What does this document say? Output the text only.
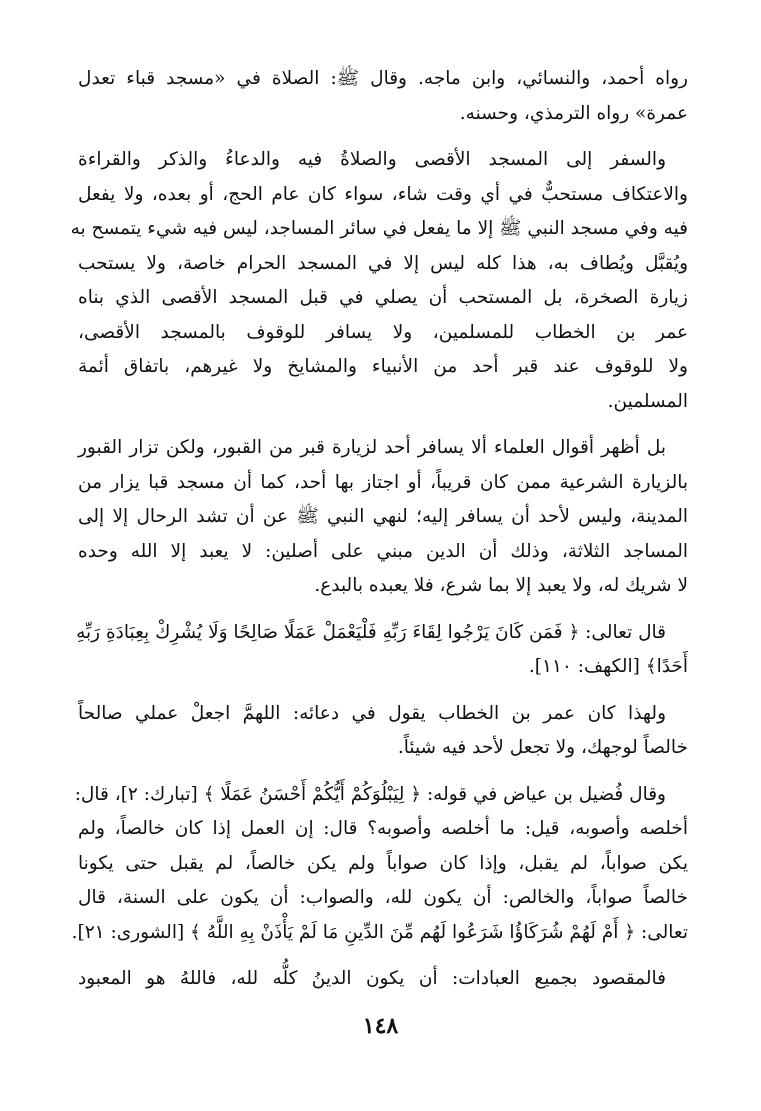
رواه أحمد، والنسائي، وابن ماجه. وقال ﷺ: الصلاة في «مسجد قباء تعدل
عمرة» رواه الترمذي، وحسنه.
والسفر إلى المسجد الأقصى والصلاةُ فيه والدعاءُ والذكر والقراءة
والاعتكاف مستحبٌّ في أي وقت شاء، سواء كان عام الحج، أو بعده، ولا يفعل
فيه وفي مسجد النبي ﷺ إلا ما يفعل في سائر المساجد، ليس فيه شيء يتمسح به
ويُقبَّل ويُطاف به، هذا كله ليس إلا في المسجد الحرام خاصة، ولا يستحب
زيارة الصخرة، بل المستحب أن يصلي في قبل المسجد الأقصى الذي بناه
عمر بن الخطاب للمسلمين، ولا يسافر للوقوف بالمسجد الأقصى،
ولا للوقوف عند قبر أحد من الأنبياء والمشايخ ولا غيرهم، باتفاق أئمة
المسلمين.
بل أظهر أقوال العلماء ألا يسافر أحد لزيارة قبر من القبور، ولكن تزار القبور
بالزيارة الشرعية ممن كان قريباً، أو اجتاز بها أحد، كما أن مسجد قبا يزار من
المدينة، وليس لأحد أن يسافر إليه؛ لنهي النبي ﷺ عن أن تشد الرحال إلا إلى
المساجد الثلاثة، وذلك أن الدين مبني على أصلين: لا يعبد إلا الله وحده
لا شريك له، ولا يعبد إلا بما شرع، فلا يعبده بالبدع.
قال تعالى: ﴿ فَمَن كَانَ يَرْجُوا لِقَاءَ رَبِّهِ فَلْيَعْمَلْ عَمَلًا صَالِحًا وَلَا يُشْرِكْ بِعِبَادَةِ رَبِّهِ
أَحَدًا﴾ [الكهف: ١١٠].
ولهذا كان عمر بن الخطاب يقول في دعائه: اللهمَّ اجعلْ عملي صالحاً
خالصاً لوجهك، ولا تجعل لأحد فيه شيئاً.
وقال فُضيل بن عياض في قوله: ﴿ لِيَبْلُوَكُمْ أَيُّكُمْ أَحْسَنُ عَمَلًا ﴾ [تبارك: ٢]، قال:
أخلصه وأصوبه، قيل: ما أخلصه وأصوبه؟ قال: إن العمل إذا كان خالصاً، ولم
يكن صواباً، لم يقبل، وإذا كان صواباً ولم يكن خالصاً، لم يقبل حتى يكونا
خالصاً صواباً، والخالص: أن يكون لله، والصواب: أن يكون على السنة، قال
تعالى: ﴿ أَمْ لَهُمْ شُرَكَاؤُا شَرَعُوا لَهُم مِّنَ الدِّينِ مَا لَمْ يَأْذَنْ بِهِ اللَّهُ ﴾ [الشورى: ٢١].
فالمقصود بجميع العبادات: أن يكون الدينُ كلُّه لله، فاللهُ هو المعبود
١٤٨
